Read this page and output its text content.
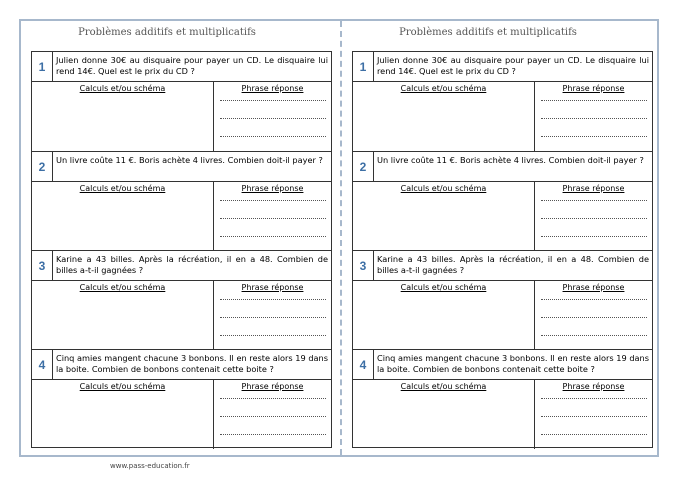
Problèmes additifs et multiplicatifs
1	Julien donne 30€ au disquaire pour payer un CD. Le disquaire lui rend 14€. Quel est le prix du CD ?
Calculs et/ou schéma	Phrase réponse
2	Un livre coûte 11 €. Boris achète 4 livres. Combien doit-il payer ?
Calculs et/ou schéma	Phrase réponse
3	Karine a 43 billes. Après la récréation, il en a 48. Combien de billes a-t-il gagnées ?
Calculs et/ou schéma	Phrase réponse
4	Cinq amies mangent chacune 3 bonbons. Il en reste alors 19 dans la boite. Combien de bonbons contenait cette boite ?
Calculs et/ou schéma	Phrase réponse
Problèmes additifs et multiplicatifs
1	Julien donne 30€ au disquaire pour payer un CD. Le disquaire lui rend 14€. Quel est le prix du CD ?
Calculs et/ou schéma	Phrase réponse
2	Un livre coûte 11 €. Boris achète 4 livres. Combien doit-il payer ?
Calculs et/ou schéma	Phrase réponse
3	Karine a 43 billes. Après la récréation, il en a 48. Combien de billes a-t-il gagnées ?
Calculs et/ou schéma	Phrase réponse
4	Cinq amies mangent chacune 3 bonbons. Il en reste alors 19 dans la boite. Combien de bonbons contenait cette boite ?
Calculs et/ou schéma	Phrase réponse
www.pass-education.fr
